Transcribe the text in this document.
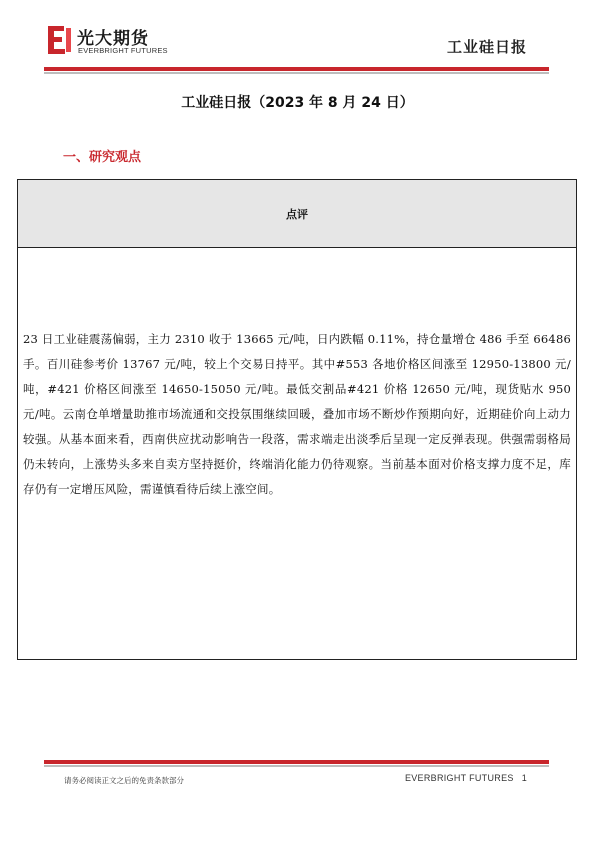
光大期货
EVERBRIGHT FUTURES	工业硅日报
工业硅日报（2023 年 8 月 24 日）
一、研究观点
点评
23 日工业硅震荡偏弱，主力 2310 收于 13665 元/吨，日内跌幅 0.11%，持仓量增仓 486 手至 66486 手。百川硅参考价 13767 元/吨，较上个交易日持平。其中#553 各地价格区间涨至 12950-13800 元/吨，#421 价格区间涨至 14650-15050 元/吨。最低交割品#421 价格 12650 元/吨，现货贴水 950 元/吨。云南仓单增量助推市场流通和交投氛围继续回暖，叠加市场不断炒作预期向好，近期硅价向上动力较强。从基本面来看，西南供应扰动影响告一段落，需求端走出淡季后呈现一定反弹表现。供强需弱格局仍未转向，上涨势头多来自卖方坚持挺价，终端消化能力仍待观察。当前基本面对价格支撑力度不足，库存仍有一定增压风险，需谨慎看待后续上涨空间。
请务必阅读正文之后的免责条款部分	EVERBRIGHT FUTURES 1
